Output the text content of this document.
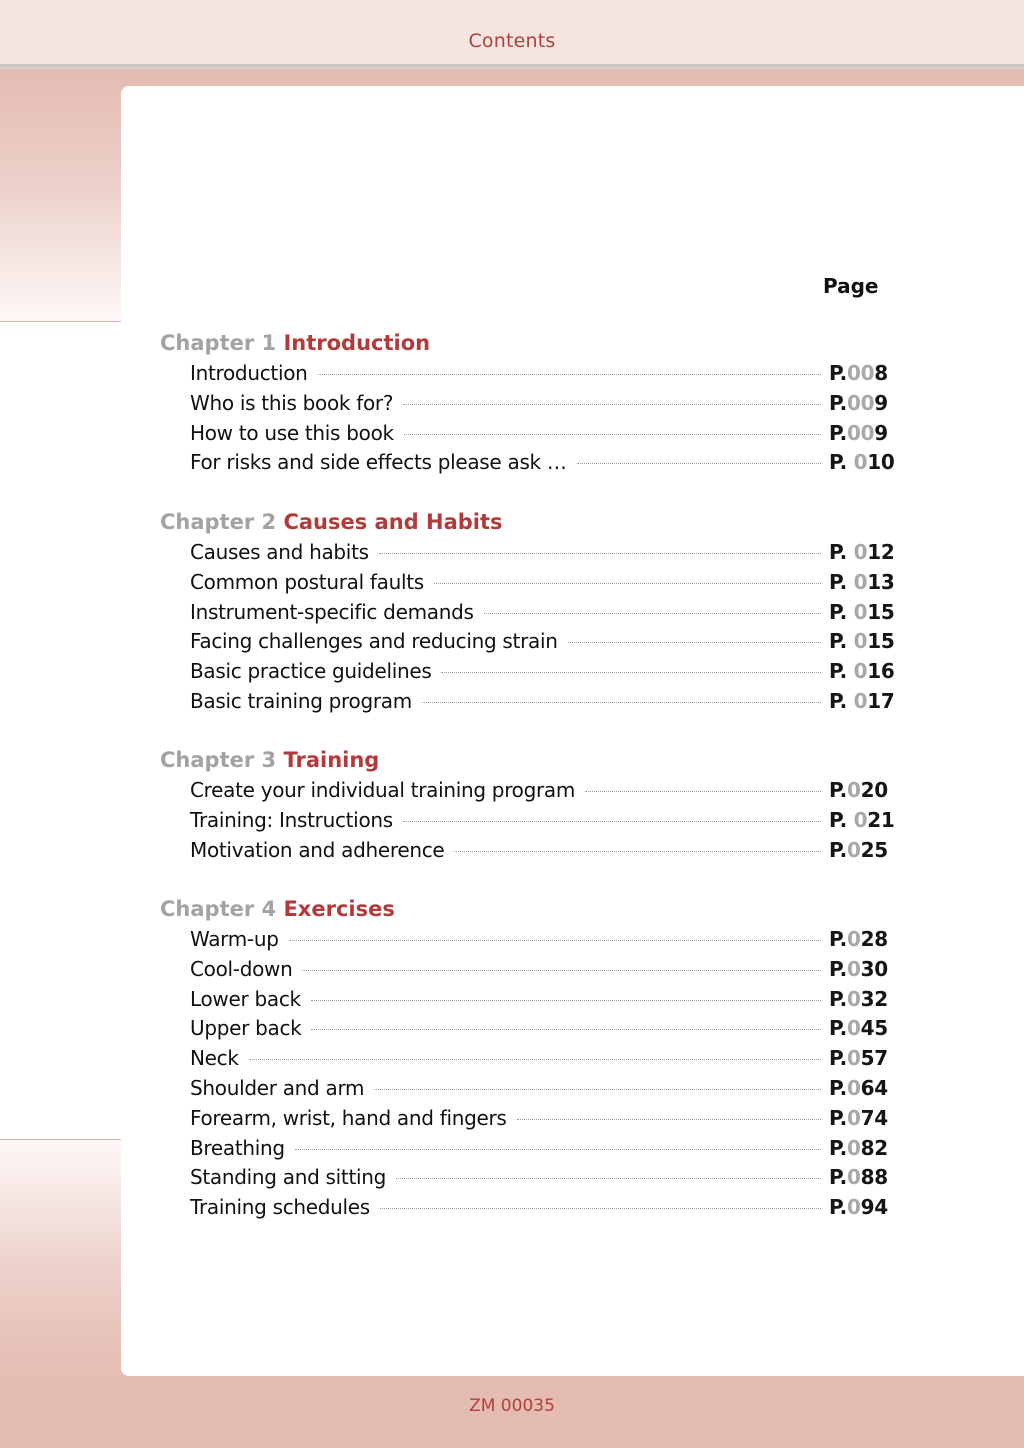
Contents
Page
Chapter 1 Introduction
Introduction	P.008
Who is this book for?	P.009
How to use this book	P.009
For risks and side effects please ask …	P. 010
Chapter 2 Causes and Habits
Causes and habits	P. 012
Common postural faults	P. 013
Instrument-specific demands	P. 015
Facing challenges and reducing strain	P. 015
Basic practice guidelines	P. 016
Basic training program	P. 017
Chapter 3 Training
Create your individual training program	P.020
Training: Instructions	P. 021
Motivation and adherence	P.025
Chapter 4 Exercises
Warm-up	P.028
Cool-down	P.030
Lower back	P.032
Upper back	P.045
Neck	P.057
Shoulder and arm	P.064
Forearm, wrist, hand and fingers	P.074
Breathing	P.082
Standing and sitting	P.088
Training schedules	P.094
ZM 00035
